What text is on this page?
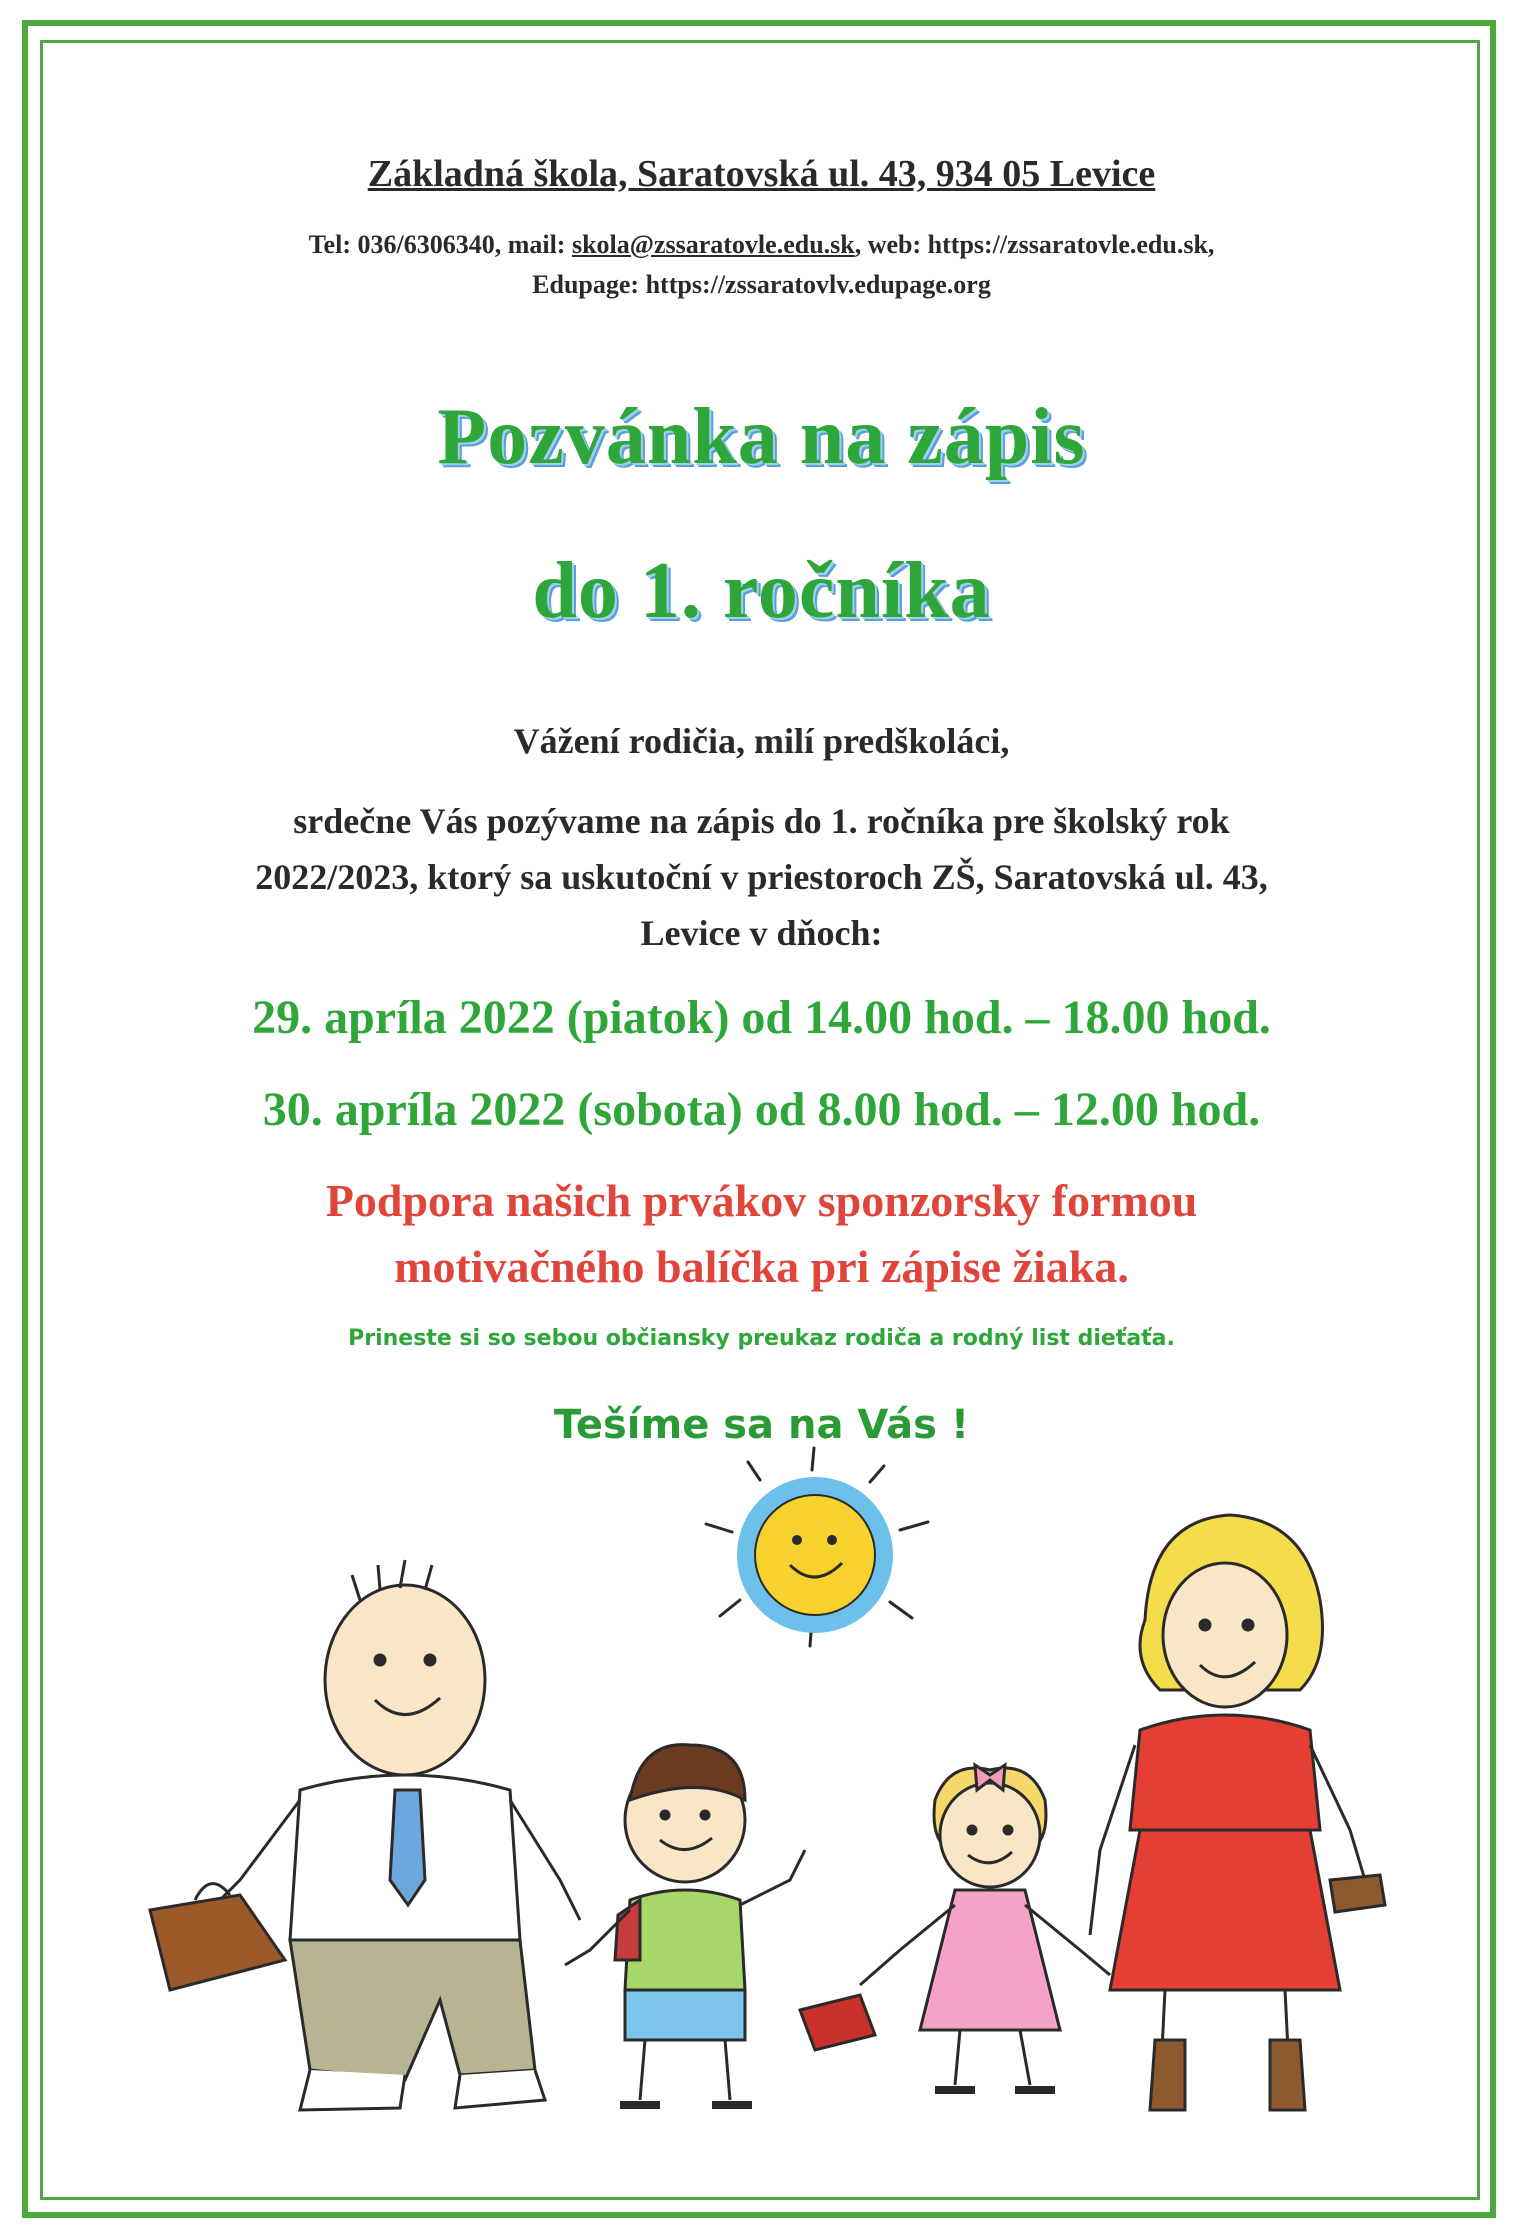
Základná škola, Saratovská ul. 43, 934 05 Levice
Tel: 036/6306340, mail: skola@zssaratovle.edu.sk, web: https://zssaratovle.edu.sk,
Edupage: https://zssaratovlv.edupage.org
Pozvánka na zápis
do 1. ročníka
Vážení rodičia, milí predškoláci,
srdečne Vás pozývame na zápis do 1. ročníka pre školský rok
2022/2023, ktorý sa uskutoční v priestoroch ZŠ, Saratovská ul. 43,
Levice v dňoch:
29. apríla 2022 (piatok) od 14.00 hod. – 18.00 hod.
30. apríla 2022 (sobota) od 8.00 hod. – 12.00 hod.
Podpora našich prvákov sponzorsky formou
motivačného balíčka pri zápise žiaka.
Prineste si so sebou občiansky preukaz rodiča a rodný list dieťaťa.
Tešíme sa na Vás !
